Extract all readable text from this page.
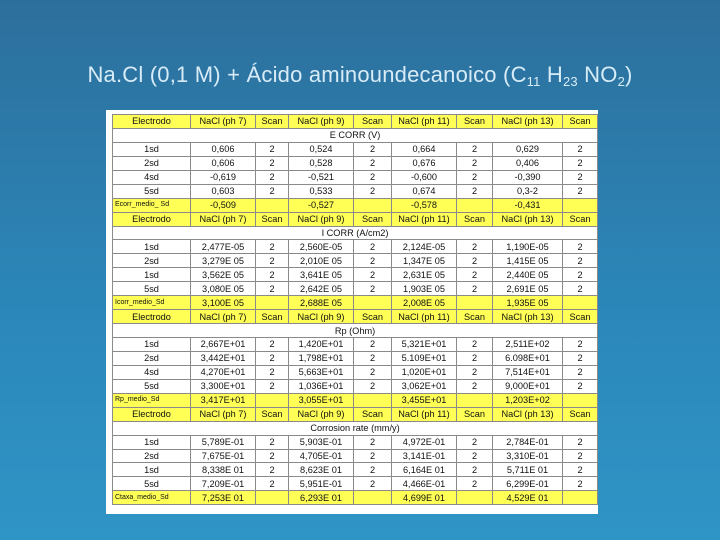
Na.Cl (0,1 M) + Ácido aminoundecanoico ($C_{11}$ $H_{23}$ $NO_2$)
Electrodo	NaCl (ph 7)	Scan	NaCl (ph 9)	Scan	NaCl (ph 11)	Scan	NaCl (ph 13)	Scan
E CORR (V)								
1sd	0,606	2	0,524	2	0,664	2	0,629	2
2sd	0,606	2	0,528	2	0,676	2	0,406	2
4sd	-0,619	2	-0,521	2	-0,600	2	-0,390	2
5sd	0,603	2	0,533	2	0,674	2	0,3-2	2
Ecorr_medio_ Sd	-0,509		-0,527		-0,578		-0,431	
Electrodo	NaCl (ph 7)	Scan	NaCl (ph 9)	Scan	NaCl (ph 11)	Scan	NaCl (ph 13)	Scan
I CORR (A/cm2)								
1sd	2,477E-05	2	2,560E-05	2	2,124E-05	2	1,190E-05	2
2sd	3,279E 05	2	2,010E 05	2	1,347E 05	2	1,415E 05	2
1sd	3,562E 05	2	3,641E 05	2	2,631E 05	2	2,440E 05	2
5sd	3,080E 05	2	2,642E 05	2	1,903E 05	2	2,691E 05	2
Icorr_medio_Sd	3,100E 05		2,688E 05		2,008E 05		1,935E 05	
Electrodo	NaCl (ph 7)	Scan	NaCl (ph 9)	Scan	NaCl (ph 11)	Scan	NaCl (ph 13)	Scan
Rp (Ohm)								
1sd	2,667E+01	2	1,420E+01	2	5,321E+01	2	2,511E+02	2
2sd	3,442E+01	2	1,798E+01	2	5.109E+01	2	6.098E+01	2
4sd	4,270E+01	2	5,663E+01	2	1,020E+01	2	7,514E+01	2
5sd	3,300E+01	2	1,036E+01	2	3,062E+01	2	9,000E+01	2
Rp_medio_Sd	3,417E+01		3,055E+01		3,455E+01		1,203E+02	
Electrodo	NaCl (ph 7)	Scan	NaCl (ph 9)	Scan	NaCl (ph 11)	Scan	NaCl (ph 13)	Scan
Corrosion rate (mm/y)								
1sd	5,789E-01	2	5,903E-01	2	4,972E-01	2	2,784E-01	2
2sd	7,675E-01	2	4,705E-01	2	3,141E-01	2	3,310E-01	2
1sd	8,338E 01	2	8,623E 01	2	6,164E 01	2	5,711E 01	2
5sd	7,209E-01	2	5,951E-01	2	4,466E-01	2	6,299E-01	2
Ctaxa_medio_Sd	7,253E 01		6,293E 01		4,699E 01		4,529E 01	
